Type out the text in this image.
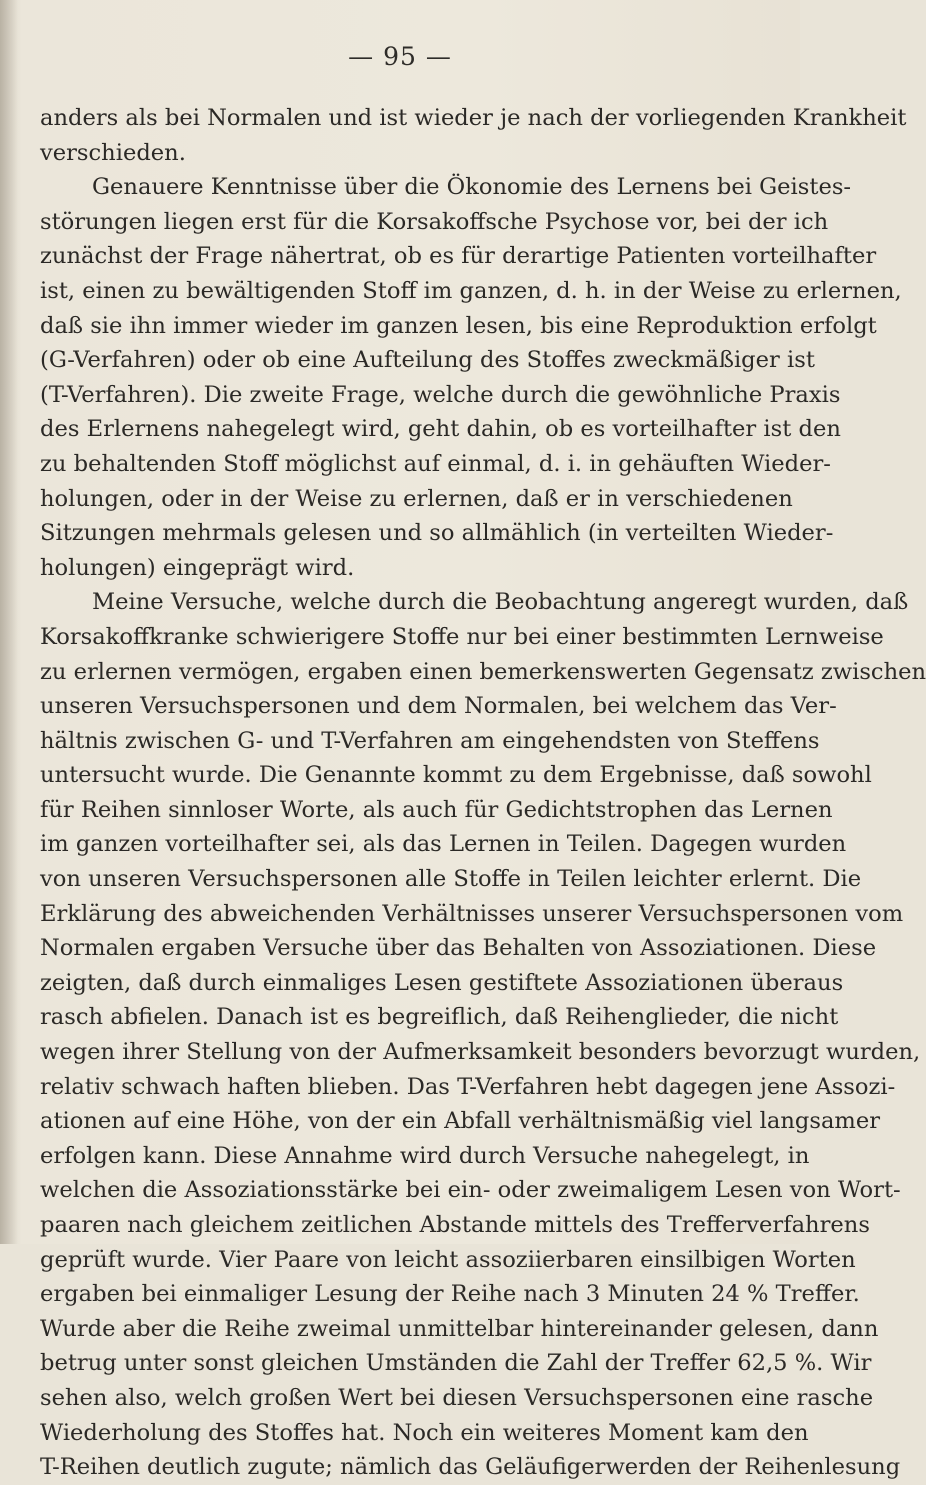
— 95 —
anders als bei Normalen und ist wieder je nach der vorliegenden Krankheit
verschieden.
Genauere Kenntnisse über die Ökonomie des Lernens bei Geistes-
störungen liegen erst für die Korsakoffsche Psychose vor, bei der ich
zunächst der Frage nähertrat, ob es für derartige Patienten vorteilhafter
ist, einen zu bewältigenden Stoff im ganzen, d. h. in der Weise zu erlernen,
daß sie ihn immer wieder im ganzen lesen, bis eine Reproduktion erfolgt
(G-Verfahren) oder ob eine Aufteilung des Stoffes zweckmäßiger ist
(T-Verfahren). Die zweite Frage, welche durch die gewöhnliche Praxis
des Erlernens nahegelegt wird, geht dahin, ob es vorteilhafter ist den
zu behaltenden Stoff möglichst auf einmal, d. i. in gehäuften Wieder-
holungen, oder in der Weise zu erlernen, daß er in verschiedenen
Sitzungen mehrmals gelesen und so allmählich (in verteilten Wieder-
holungen) eingeprägt wird.
Meine Versuche, welche durch die Beobachtung angeregt wurden, daß
Korsakoffkranke schwierigere Stoffe nur bei einer bestimmten Lernweise
zu erlernen vermögen, ergaben einen bemerkenswerten Gegensatz zwischen
unseren Versuchspersonen und dem Normalen, bei welchem das Ver-
hältnis zwischen G- und T-Verfahren am eingehendsten von Steffens
untersucht wurde. Die Genannte kommt zu dem Ergebnisse, daß sowohl
für Reihen sinnloser Worte, als auch für Gedichtstrophen das Lernen
im ganzen vorteilhafter sei, als das Lernen in Teilen. Dagegen wurden
von unseren Versuchspersonen alle Stoffe in Teilen leichter erlernt. Die
Erklärung des abweichenden Verhältnisses unserer Versuchspersonen vom
Normalen ergaben Versuche über das Behalten von Assoziationen. Diese
zeigten, daß durch einmaliges Lesen gestiftete Assoziationen überaus
rasch abfielen. Danach ist es begreiflich, daß Reihenglieder, die nicht
wegen ihrer Stellung von der Aufmerksamkeit besonders bevorzugt wurden,
relativ schwach haften blieben. Das T-Verfahren hebt dagegen jene Assozi-
ationen auf eine Höhe, von der ein Abfall verhältnismäßig viel langsamer
erfolgen kann. Diese Annahme wird durch Versuche nahegelegt, in
welchen die Assoziationsstärke bei ein- oder zweimaligem Lesen von Wort-
paaren nach gleichem zeitlichen Abstande mittels des Trefferverfahrens
geprüft wurde. Vier Paare von leicht assoziierbaren einsilbigen Worten
ergaben bei einmaliger Lesung der Reihe nach 3 Minuten 24 % Treffer.
Wurde aber die Reihe zweimal unmittelbar hintereinander gelesen, dann
betrug unter sonst gleichen Umständen die Zahl der Treffer 62,5 %. Wir
sehen also, welch großen Wert bei diesen Versuchspersonen eine rasche
Wiederholung des Stoffes hat. Noch ein weiteres Moment kam den
T-Reihen deutlich zugute; nämlich das Geläufigerwerden der Reihenlesung
